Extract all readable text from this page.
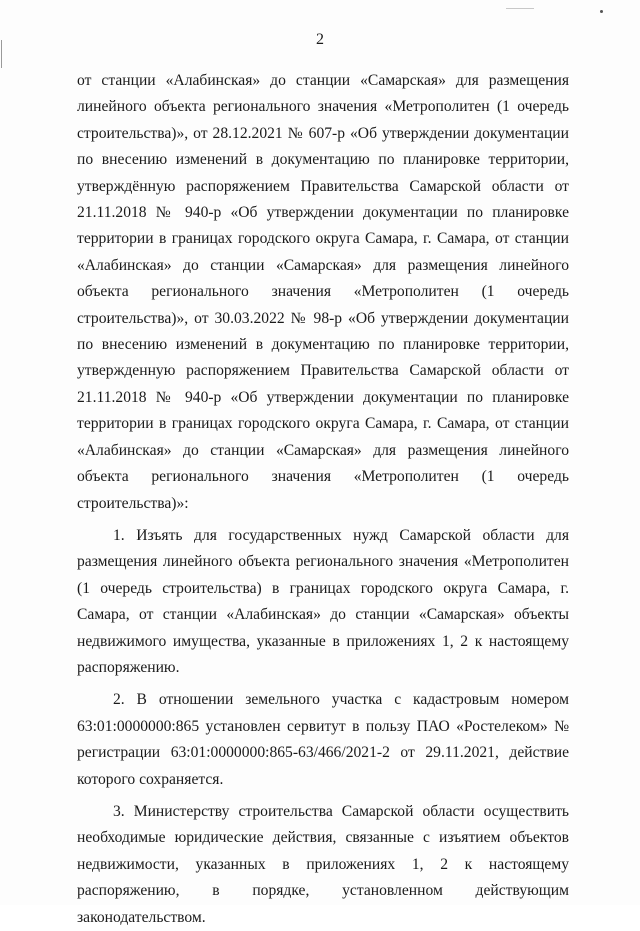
2

от станции «Алабинская» до станции «Самарская» для размещения линейного объекта регионального значения «Метрополитен (1 очередь строительства)», от 28.12.2021 № 607-р «Об утверждении документации по внесению изменений в документацию по планировке территории, утверждённую распоряжением Правительства Самарской области от 21.11.2018 № 940-р «Об утверждении документации по планировке территории в границах городского округа Самара, г. Самара, от станции «Алабинская» до станции «Самарская» для размещения линейного объекта регионального значения «Метрополитен (1 очередь строительства)», от 30.03.2022 № 98-р «Об утверждении документации по внесению изменений в документацию по планировке территории, утвержденную распоряжением Правительства Самарской области от 21.11.2018 № 940-р «Об утверждении документации по планировке территории в границах городского округа Самара, г. Самара, от станции «Алабинская» до станции «Самарская» для размещения линейного объекта регионального значения «Метрополитен (1 очередь строительства)»:

1. Изъять для государственных нужд Самарской области для размещения линейного объекта регионального значения «Метрополитен (1 очередь строительства) в границах городского округа Самара, г. Самара, от станции «Алабинская» до станции «Самарская» объекты недвижимого имущества, указанные в приложениях 1, 2 к настоящему распоряжению.

2. В отношении земельного участка с кадастровым номером 63:01:0000000:865 установлен сервитут в пользу ПАО «Ростелеком» № регистрации 63:01:0000000:865-63/466/2021-2 от 29.11.2021, действие которого сохраняется.

3. Министерству строительства Самарской области осуществить необходимые юридические действия, связанные с изъятием объектов недвижимости, указанных в приложениях 1, 2 к настоящему распоряжению, в порядке, установленном действующим законодательством.
